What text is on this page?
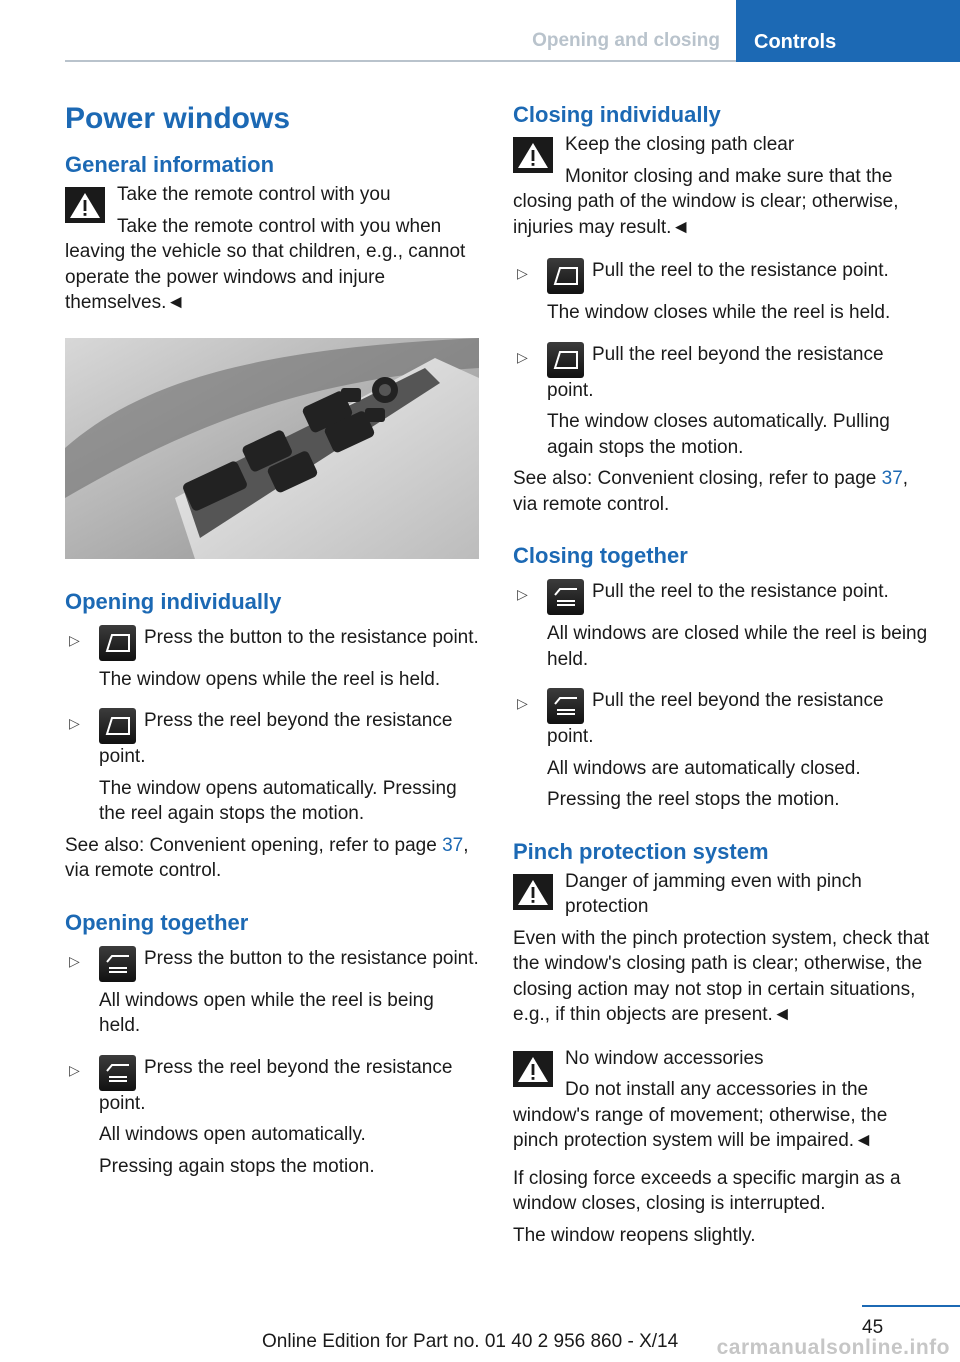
Opening and closing	Controls
Power windows
General information

Take the remote control with you

Take the remote control with you when leaving the vehicle so that children, e.g., cannot operate the power windows and injure themselves.◄

Opening individually
▷	Press the button to the resistance point.

The window opens while the reel is held.

▷	Press the reel beyond the resistance point.

The window opens automatically. Pressing the reel again stops the motion.

See also: Convenient opening, refer to page 37, via remote control.

Opening together
▷	Press the button to the resistance point.

All windows open while the reel is being held.

▷	Press the reel beyond the resistance point.

All windows open automatically.

Pressing again stops the motion.

Closing individually

Keep the closing path clear

Monitor closing and make sure that the closing path of the window is clear; otherwise, injuries may result.◄

▷	Pull the reel to the resistance point.

The window closes while the reel is held.

▷	Pull the reel beyond the resistance point.

The window closes automatically. Pulling again stops the motion.

See also: Convenient closing, refer to page 37, via remote control.

Closing together
▷	Pull the reel to the resistance point.

All windows are closed while the reel is being held.

▷	Pull the reel beyond the resistance point.

All windows are automatically closed.

Pressing the reel stops the motion.

Pinch protection system

Danger of jamming even with pinch protection

Even with the pinch protection system, check that the window's closing path is clear; otherwise, the closing action may not stop in certain situations, e.g., if thin objects are present.◄

No window accessories

Do not install any accessories in the window's range of movement; otherwise, the pinch protection system will be impaired.◄

If closing force exceeds a specific margin as a window closes, closing is interrupted.

The window reopens slightly.

45
Online Edition for Part no. 01 40 2 956 860 - X/14 carmanualsonline.info
